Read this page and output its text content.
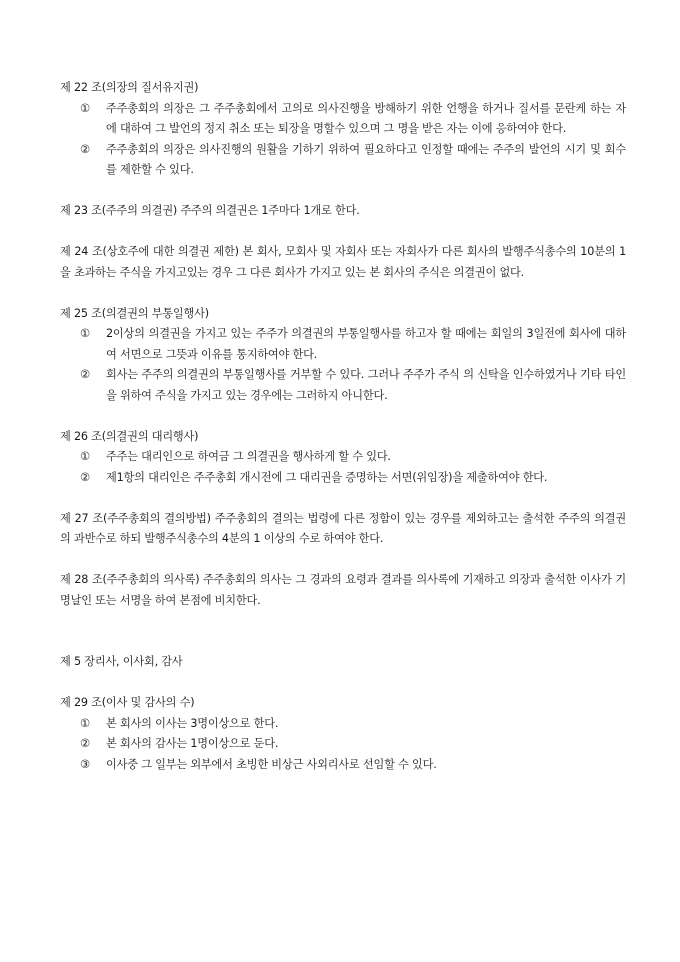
제 22 조(의장의 질서유지권)
①	주주총회의 의장은 그 주주총회에서 고의로 의사진행을 방해하기 위한 언행을 하거나 질서를 문란케 하는 자에 대하여 그 발언의 정지 취소 또는 퇴장을 명할수 있으며 그 명을 받은 자는 이에 응하여야 한다.
②	주주총회의 의장은 의사진행의 원활을 기하기 위하여 필요하다고 인정할 때에는 주주의 발언의 시기 및 회수를 제한할 수 있다.
제 23 조(주주의 의결권) 주주의 의결권은 1주마다 1개로 한다.
제 24 조(상호주에 대한 의결권 제한) 본 회사, 모회사 및 자회사 또는 자회사가 다른 회사의 발행주식총수의 10분의 1을 초과하는 주식을 가지고있는 경우 그 다른 회사가 가지고 있는 본 회사의 주식은 의결권이 없다.
제 25 조(의결권의 부통일행사)
①	2이상의 의결권을 가지고 있는 주주가 의결권의 부통일행사를 하고자 할 때에는 회일의 3일전에 회사에 대하여 서면으로 그뜻과 이유를 통지하여야 한다.
②	회사는 주주의 의결권의 부통일행사를 거부할 수 있다. 그러나 주주가 주식 의 신탁을 인수하였거나 기타 타인을 위하여 주식을 가지고 있는 경우에는 그러하지 아니한다.
제 26 조(의결권의 대리행사)
①	주주는 대리인으로 하여금 그 의결권을 행사하게 할 수 있다.
②	제1항의 대리인은 주주총회 개시전에 그 대리권을 증명하는 서면(위임장)을 제출하여야 한다.
제 27 조(주주총회의 결의방법) 주주총회의 결의는 법령에 다른 정함이 있는 경우를 제외하고는 출석한 주주의 의결권의 과반수로 하되 발행주식총수의 4분의 1 이상의 수로 하여야 한다.
제 28 조(주주총회의 의사록) 주주총회의 의사는 그 경과의 요령과 결과를 의사록에 기재하고 의장과 출석한 이사가 기명날인 또는 서명을 하여 본점에 비치한다.
제 5 장리사, 이사회, 감사
제 29 조(이사 및 감사의 수)
①	본 회사의 이사는 3명이상으로 한다.
②	본 회사의 감사는 1명이상으로 둔다.
③	이사중 그 일부는 외부에서 초빙한 비상근 사외리사로 선임할 수 있다.
